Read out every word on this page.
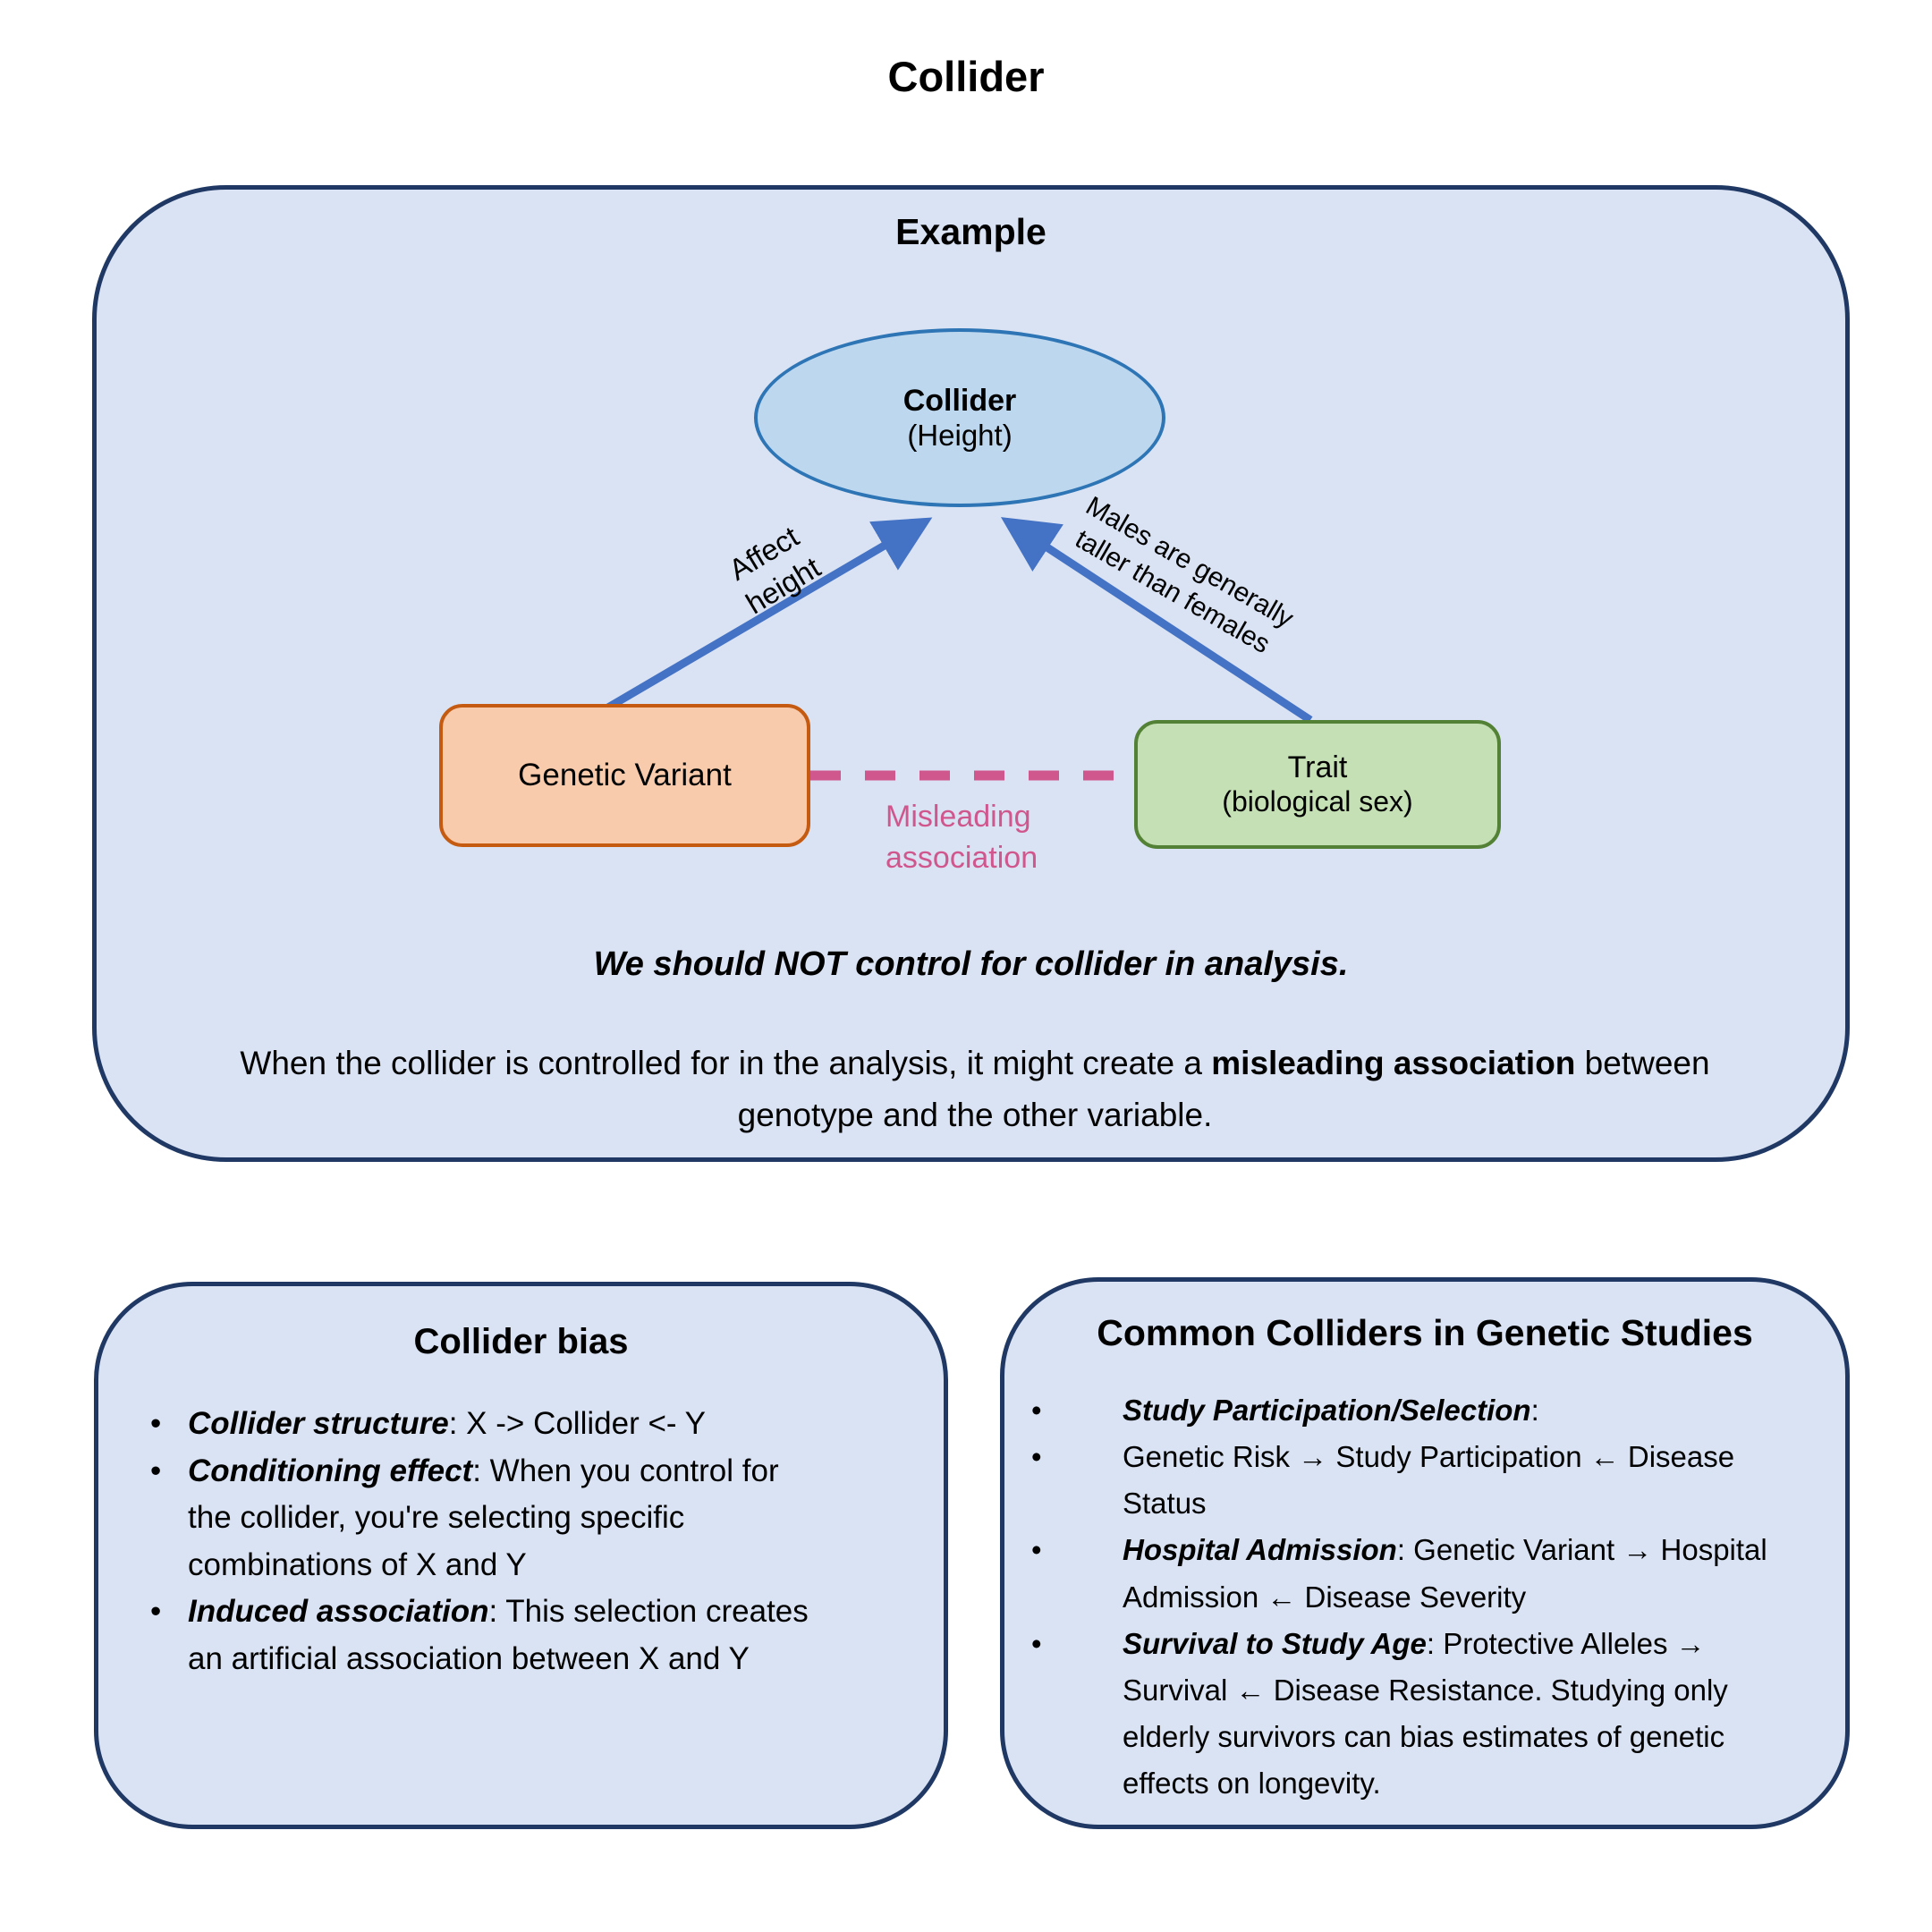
Collider
Example
Collider
(Height)
Genetic Variant	Trait
(biological sex)
Affect height	Males are generally taller than females
Misleading association
We should NOT control for collider in analysis.
When the collider is controlled for in the analysis, it might create a misleading association between genotype and the other variable.
Collider bias
• Collider structure: X -> Collider <- Y
• Conditioning effect: When you control for the collider, you're selecting specific combinations of X and Y
• Induced association: This selection creates an artificial association between X and Y
Common Colliders in Genetic Studies
• Study Participation/Selection:
• Genetic Risk → Study Participation ← Disease Status
• Hospital Admission: Genetic Variant → Hospital Admission ← Disease Severity
• Survival to Study Age: Protective Alleles → Survival ← Disease Resistance. Studying only elderly survivors can bias estimates of genetic effects on longevity.
